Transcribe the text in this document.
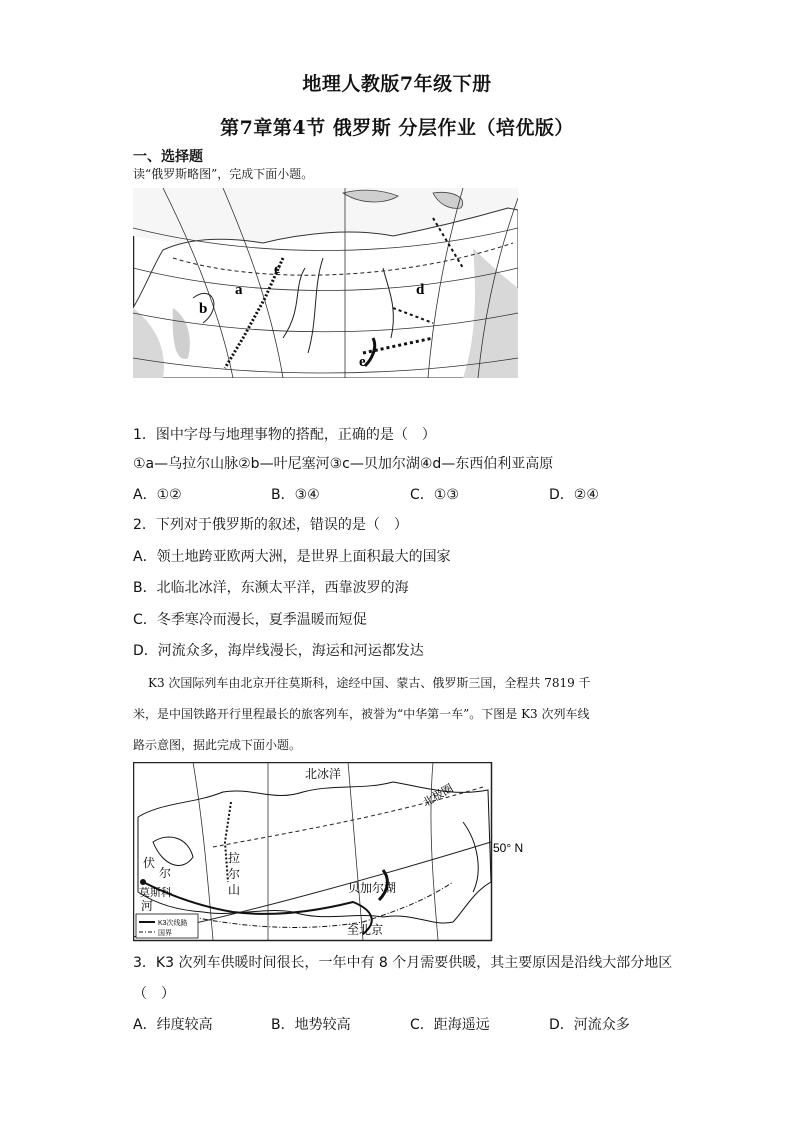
地理人教版7年级下册
第7章第4节 俄罗斯 分层作业（培优版）
一、选择题
读“俄罗斯略图”，完成下面小题。
a
b
c
d
e
1．图中字母与地理事物的搭配，正确的是（　）
①a—乌拉尔山脉②b—叶尼塞河③c—贝加尔湖④d—东西伯利亚高原
A．①②	B．③④	C．①③	D．②④
2．下列对于俄罗斯的叙述，错误的是（　）
A．领土地跨亚欧两大洲，是世界上面积最大的国家
B．北临北冰洋，东濒太平洋，西靠波罗的海
C．冬季寒冷而漫长，夏季温暖而短促
D．河流众多，海岸线漫长，海运和河运都发达
K3 次国际列车由北京开往莫斯科，途经中国、蒙古、俄罗斯三国，全程共 7819 千
米，是中国铁路开行里程最长的旅客列车，被誉为“中华第一车”。下图是 K3 次列车线
路示意图，据此完成下面小题。
北冰洋
北极圈
50° N
贝加尔湖
至北京
拉
尔
山
伏
尔
河
莫斯科
K3次线路
国界
3．K3 次列车供暖时间很长，一年中有 8 个月需要供暖，其主要原因是沿线大部分地区
（　）
A．纬度较高	B．地势较高	C．距海遥远	D．河流众多
